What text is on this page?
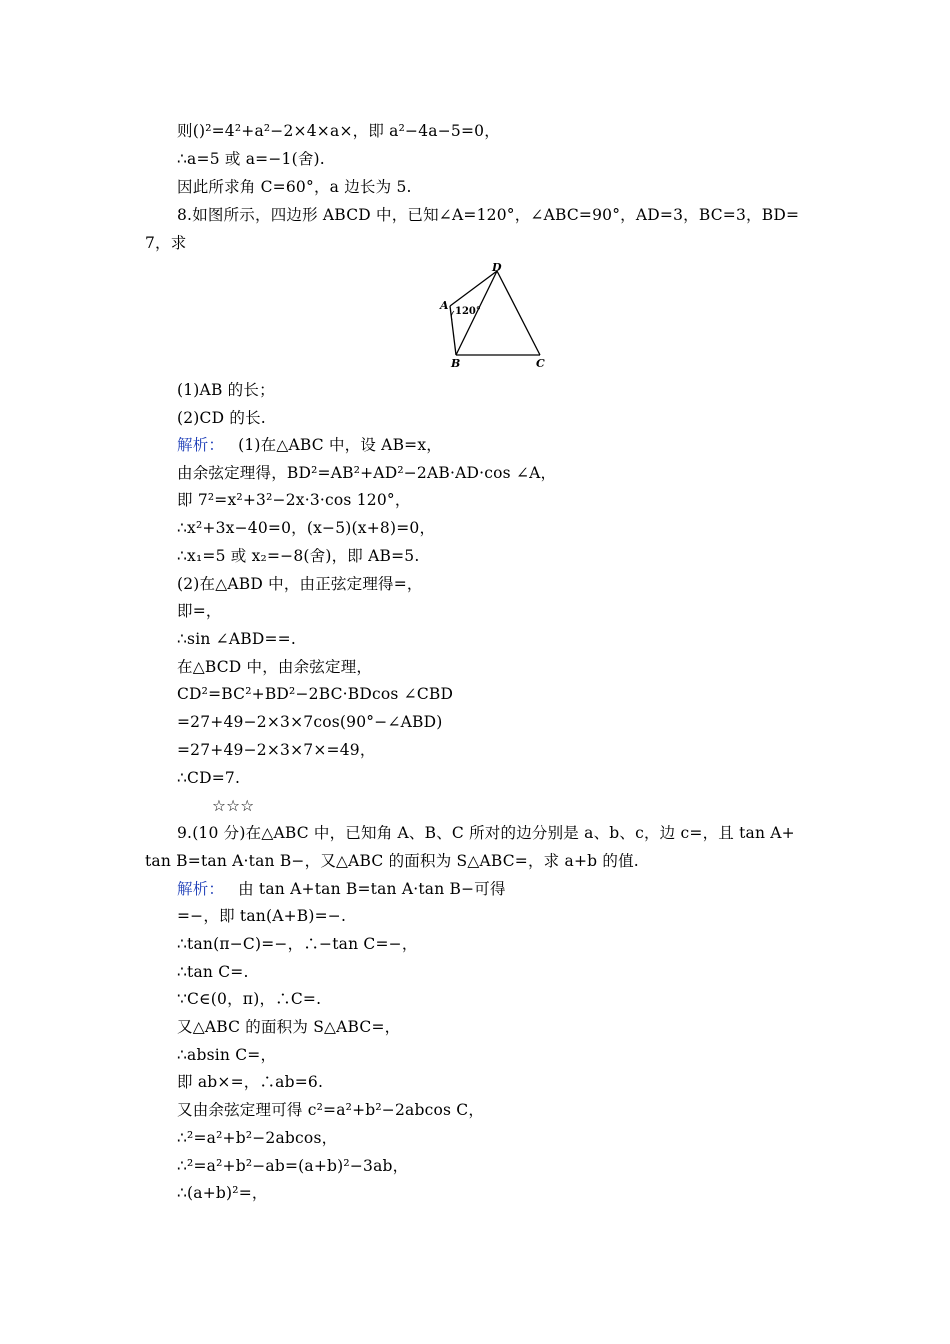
则()²=4²+a²−2×4×a×，即 a²−4a−5=0，
∴a=5 或 a=−1(舍).
因此所求角 C=60°，a 边长为 5.
8.如图所示，四边形 ABCD 中，已知∠A=120°，∠ABC=90°，AD=3，BC=3，BD=
7，求
D
A 120°
B	C
(1)AB 的长；
(2)CD 的长.
解析： (1)在△ABC 中，设 AB=x，
由余弦定理得，BD²=AB²+AD²−2AB·AD·cos ∠A，
即 7²=x²+3²−2x·3·cos 120°，
∴x²+3x−40=0，(x−5)(x+8)=0，
∴x₁=5 或 x₂=−8(舍)，即 AB=5.
(2)在△ABD 中，由正弦定理得=，
即=，
∴sin ∠ABD==.
在△BCD 中，由余弦定理，
CD²=BC²+BD²−2BC·BDcos ∠CBD
=27+49−2×3×7cos(90°−∠ABD)
=27+49−2×3×7×=49，
∴CD=7.
☆☆☆
9.(10 分)在△ABC 中，已知角 A、B、C 所对的边分别是 a、b、c，边 c=，且 tan A+
tan B=tan A·tan B−，又△ABC 的面积为 S△ABC=，求 a+b 的值.
解析： 由 tan A+tan B=tan A·tan B−可得
=−，即 tan(A+B)=−.
∴tan(π−C)=−，∴−tan C=−，
∴tan C=.
∵C∈(0，π)，∴C=.
又△ABC 的面积为 S△ABC=，
∴absin C=，
即 ab×=，∴ab=6.
又由余弦定理可得 c²=a²+b²−2abcos C，
∴²=a²+b²−2abcos，
∴²=a²+b²−ab=(a+b)²−3ab，
∴(a+b)²=，
